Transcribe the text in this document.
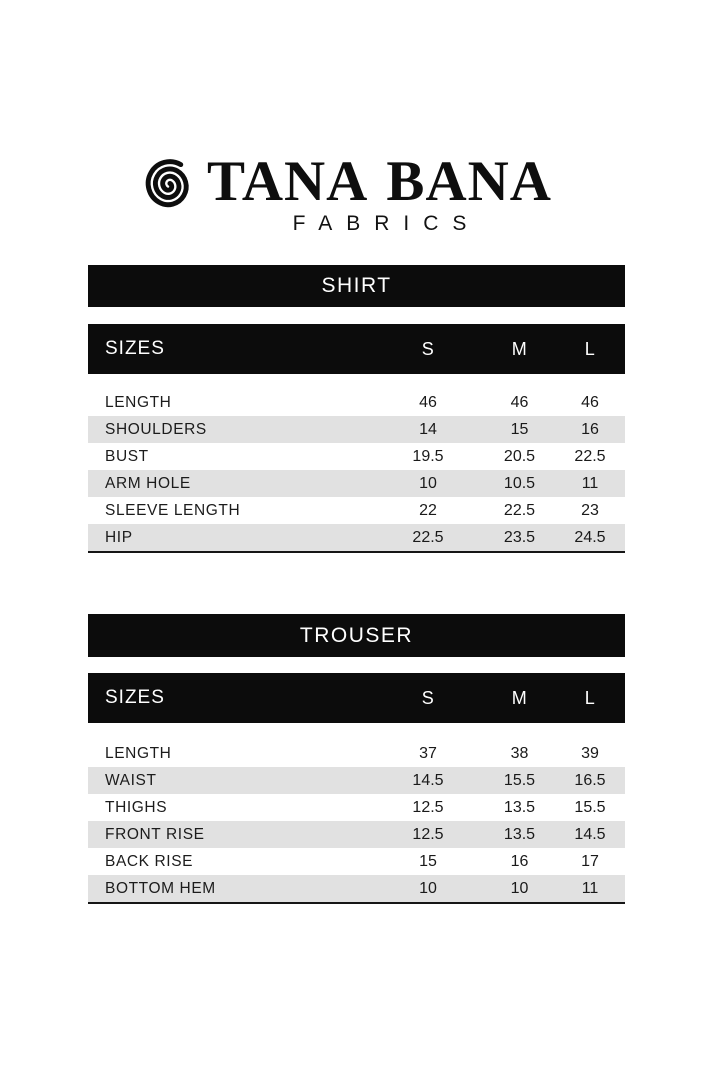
TANA BANA
FABRICS
SHIRT
SIZES	S	M	L
LENGTH	46	46	46
SHOULDERS	14	15	16
BUST	19.5	20.5	22.5
ARM HOLE	10	10.5	11
SLEEVE LENGTH	22	22.5	23
HIP	22.5	23.5	24.5
TROUSER
SIZES	S	M	L
LENGTH	37	38	39
WAIST	14.5	15.5	16.5
THIGHS	12.5	13.5	15.5
FRONT RISE	12.5	13.5	14.5
BACK RISE	15	16	17
BOTTOM HEM	10	10	11
